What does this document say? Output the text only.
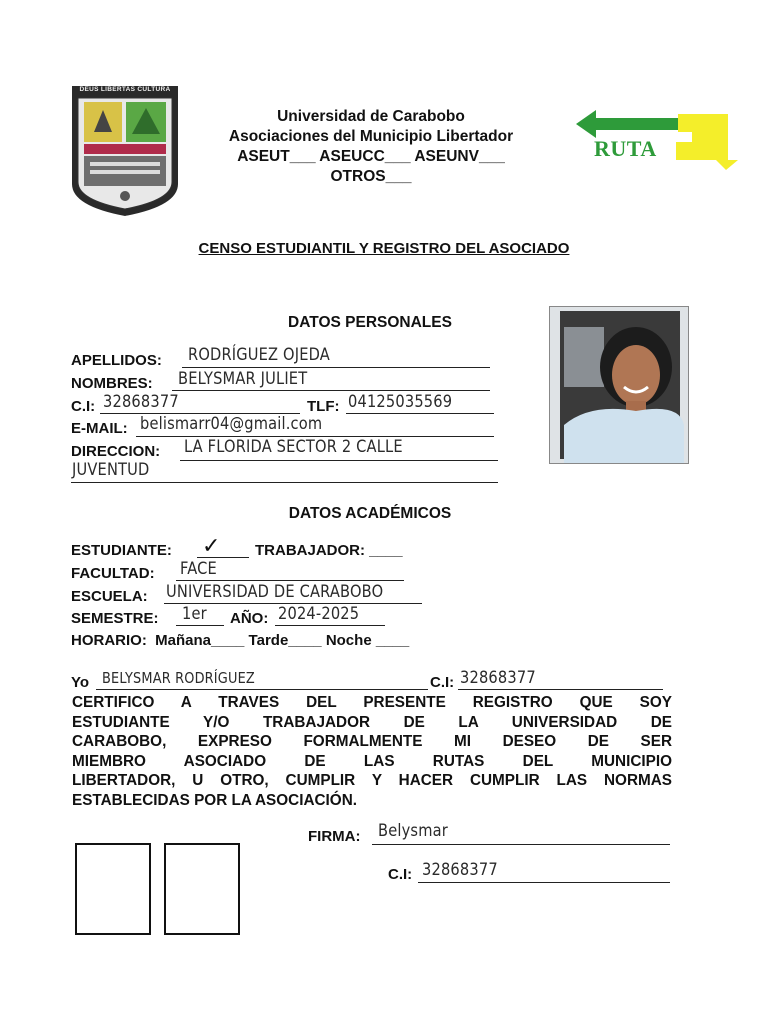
DEUS LIBERTAS CULTURA
Universidad de Carabobo
Asociaciones del Municipio Libertador
ASEUT___ ASEUCC___ ASEUNV___
OTROS___
RUTA
CENSO ESTUDIANTIL Y REGISTRO DEL ASOCIADO
DATOS PERSONALES
APELLIDOS: RODRÍGUEZ OJEDA
NOMBRES: BELYSMAR JULIET
C.I: 32868377	TLF: 04125035569
E-MAIL: belismarr04@gmail.com
DIRECCION: LA FLORIDA SECTOR 2 CALLE
JUVENTUD
DATOS ACADÉMICOS
ESTUDIANTE: ✓ TRABAJADOR: ____
FACULTAD: FACE
ESCUELA: UNIVERSIDAD DE CARABOBO
SEMESTRE: 1er AÑO: 2024-2025
HORARIO:  Mañana____ Tarde____ Noche ____
Yo BELYSMAR RODRÍGUEZ	C.I: 32868377
CERTIFICO A TRAVES DEL PRESENTE REGISTRO QUE SOY
ESTUDIANTE Y/O TRABAJADOR DE LA UNIVERSIDAD DE
CARABOBO, EXPRESO FORMALMENTE MI DESEO DE SER
MIEMBRO ASOCIADO DE LAS RUTAS DEL MUNICIPIO
LIBERTADOR, U OTRO, CUMPLIR Y HACER CUMPLIR LAS NORMAS
ESTABLECIDAS POR LA ASOCIACIÓN.
FIRMA: Belysmar
C.I: 32868377
